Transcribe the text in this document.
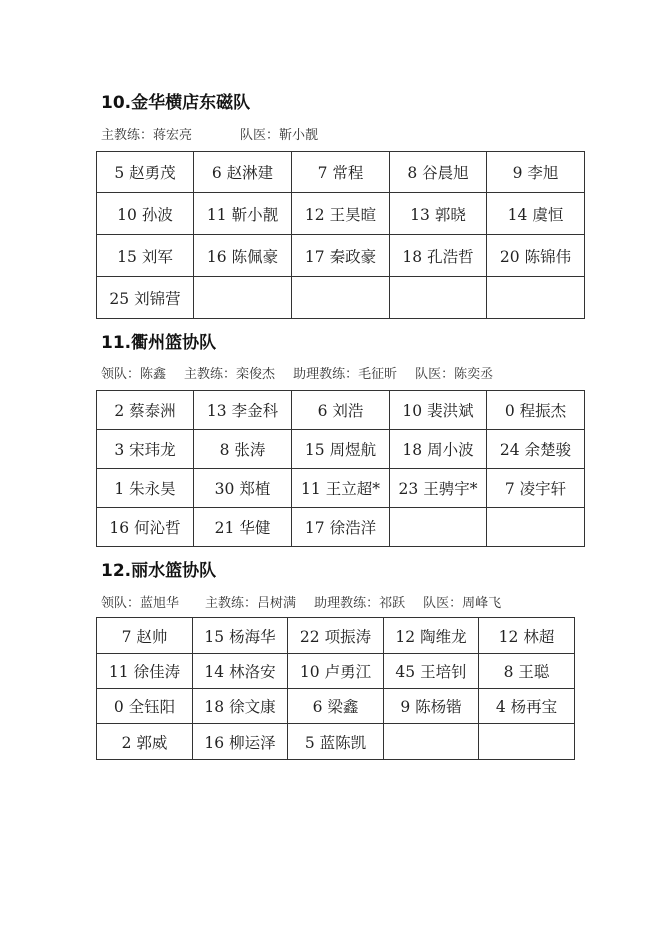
10.金华横店东磁队
主教练：蒋宏亮	队医：靳小靓
5 赵勇茂	6 赵淋建	7 常程	8 谷晨旭	9 李旭
10 孙波	11 靳小靓	12 王昊暄	13 郭晓	14 虞恒
15 刘军	16 陈佩豪	17 秦政豪	18 孔浩哲	20 陈锦伟
25 刘锦营				
11.衢州篮协队
领队：陈鑫 主教练：栾俊杰 助理教练：毛征昕 队医：陈奕丞
2 蔡泰洲	13 李金科	6 刘浩	10 裴洪斌	0 程振杰
3 宋玮龙	8 张涛	15 周煜航	18 周小波	24 余楚骏
1 朱永昊	30 郑植	11 王立超*	23 王骋宇*	7 凌宇轩
16 何沁哲	21 华健	17 徐浩洋		
12.丽水篮协队
领队：蓝旭华 主教练：吕树满 助理教练：祁跃 队医：周峰飞
7 赵帅	15 杨海华	22 项振涛	12 陶维龙	12 林超
11 徐佳涛	14 林洛安	10 卢勇江	45 王培钊	8 王聪
0 全钰阳	18 徐文康	6 梁鑫	9 陈杨锴	4 杨再宝
2 郭威	16 柳运泽	5 蓝陈凯		
